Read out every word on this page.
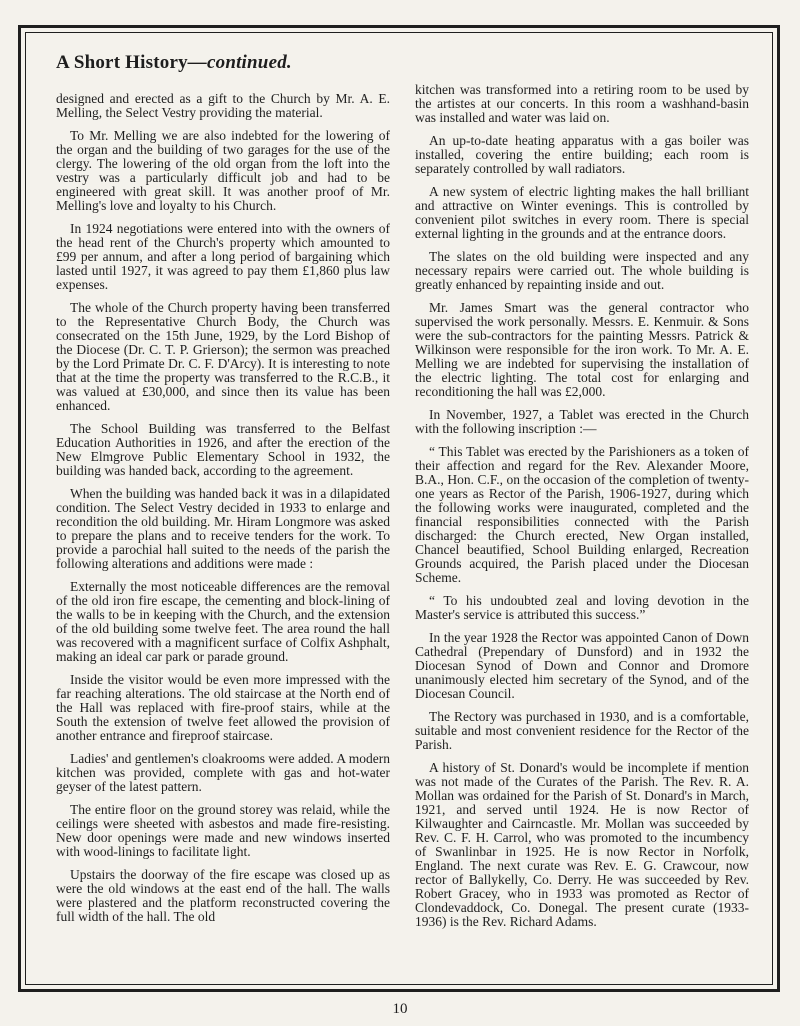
A Short History—continued.

designed and erected as a gift to the Church by Mr. A. E. Melling, the Select Vestry providing the material.

To Mr. Melling we are also indebted for the lowering of the organ and the building of two garages for the use of the clergy. The lowering of the old organ from the loft into the vestry was a particularly difficult job and had to be engineered with great skill. It was another proof of Mr. Melling's love and loyalty to his Church.

In 1924 negotiations were entered into with the owners of the head rent of the Church's property which amounted to £99 per annum, and after a long period of bargaining which lasted until 1927, it was agreed to pay them £1,860 plus law expenses.

The whole of the Church property having been transferred to the Representative Church Body, the Church was consecrated on the 15th June, 1929, by the Lord Bishop of the Diocese (Dr. C. T. P. Grierson); the sermon was preached by the Lord Primate Dr. C. F. D'Arcy). It is interesting to note that at the time the property was transferred to the R.C.B., it was valued at £30,000, and since then its value has been enhanced.

The School Building was transferred to the Belfast Education Authorities in 1926, and after the erection of the New Elmgrove Public Elementary School in 1932, the building was handed back, according to the agreement.

When the building was handed back it was in a dilapidated condition. The Select Vestry decided in 1933 to enlarge and recondition the old building. Mr. Hiram Longmore was asked to prepare the plans and to receive tenders for the work. To provide a parochial hall suited to the needs of the parish the following alterations and additions were made :

Externally the most noticeable differences are the removal of the old iron fire escape, the cementing and block-lining of the walls to be in keeping with the Church, and the extension of the old building some twelve feet. The area round the hall was recovered with a magnificent surface of Colfix Ashphalt, making an ideal car park or parade ground.

Inside the visitor would be even more impressed with the far reaching alterations. The old staircase at the North end of the Hall was replaced with fire-proof stairs, while at the South the extension of twelve feet allowed the provision of another entrance and fireproof staircase.

Ladies' and gentlemen's cloakrooms were added. A modern kitchen was provided, complete with gas and hot-water geyser of the latest pattern.

The entire floor on the ground storey was relaid, while the ceilings were sheeted with asbestos and made fire-resisting. New door openings were made and new windows inserted with wood-linings to facilitate light.

Upstairs the doorway of the fire escape was closed up as were the old windows at the east end of the hall. The walls were plastered and the platform reconstructed covering the full width of the hall. The old

kitchen was transformed into a retiring room to be used by the artistes at our concerts. In this room a washhand-basin was installed and water was laid on.

An up-to-date heating apparatus with a gas boiler was installed, covering the entire building; each room is separately controlled by wall radiators.

A new system of electric lighting makes the hall brilliant and attractive on Winter evenings. This is controlled by convenient pilot switches in every room. There is special external lighting in the grounds and at the entrance doors.

The slates on the old building were inspected and any necessary repairs were carried out. The whole building is greatly enhanced by repainting inside and out.

Mr. James Smart was the general contractor who supervised the work personally. Messrs. E. Kenmuir. & Sons were the sub-contractors for the painting Messrs. Patrick & Wilkinson were responsible for the iron work. To Mr. A. E. Melling we are indebted for supervising the installation of the electric lighting. The total cost for enlarging and reconditioning the hall was £2,000.

In November, 1927, a Tablet was erected in the Church with the following inscription :—

“ This Tablet was erected by the Parishioners as a token of their affection and regard for the Rev. Alexander Moore, B.A., Hon. C.F., on the occasion of the completion of twenty-one years as Rector of the Parish, 1906-1927, during which the following works were inaugurated, completed and the financial responsibilities connected with the Parish discharged: the Church erected, New Organ installed, Chancel beautified, School Building enlarged, Recreation Grounds acquired, the Parish placed under the Diocesan Scheme.

“ To his undoubted zeal and loving devotion in the Master's service is attributed this success.”

In the year 1928 the Rector was appointed Canon of Down Cathedral (Prependary of Dunsford) and in 1932 the Diocesan Synod of Down and Connor and Dromore unanimously elected him secretary of the Synod, and of the Diocesan Council.

The Rectory was purchased in 1930, and is a comfortable, suitable and most convenient residence for the Rector of the Parish.

A history of St. Donard's would be incomplete if mention was not made of the Curates of the Parish. The Rev. R. A. Mollan was ordained for the Parish of St. Donard's in March, 1921, and served until 1924. He is now Rector of Kilwaughter and Cairncastle. Mr. Mollan was succeeded by Rev. C. F. H. Carrol, who was promoted to the incumbency of Swanlinbar in 1925. He is now Rector in Norfolk, England. The next curate was Rev. E. G. Crawcour, now rector of Ballykelly, Co. Derry. He was succeeded by Rev. Robert Gracey, who in 1933 was promoted as Rector of Clondevaddock, Co. Donegal. The present curate (1933-1936) is the Rev. Richard Adams.

10
